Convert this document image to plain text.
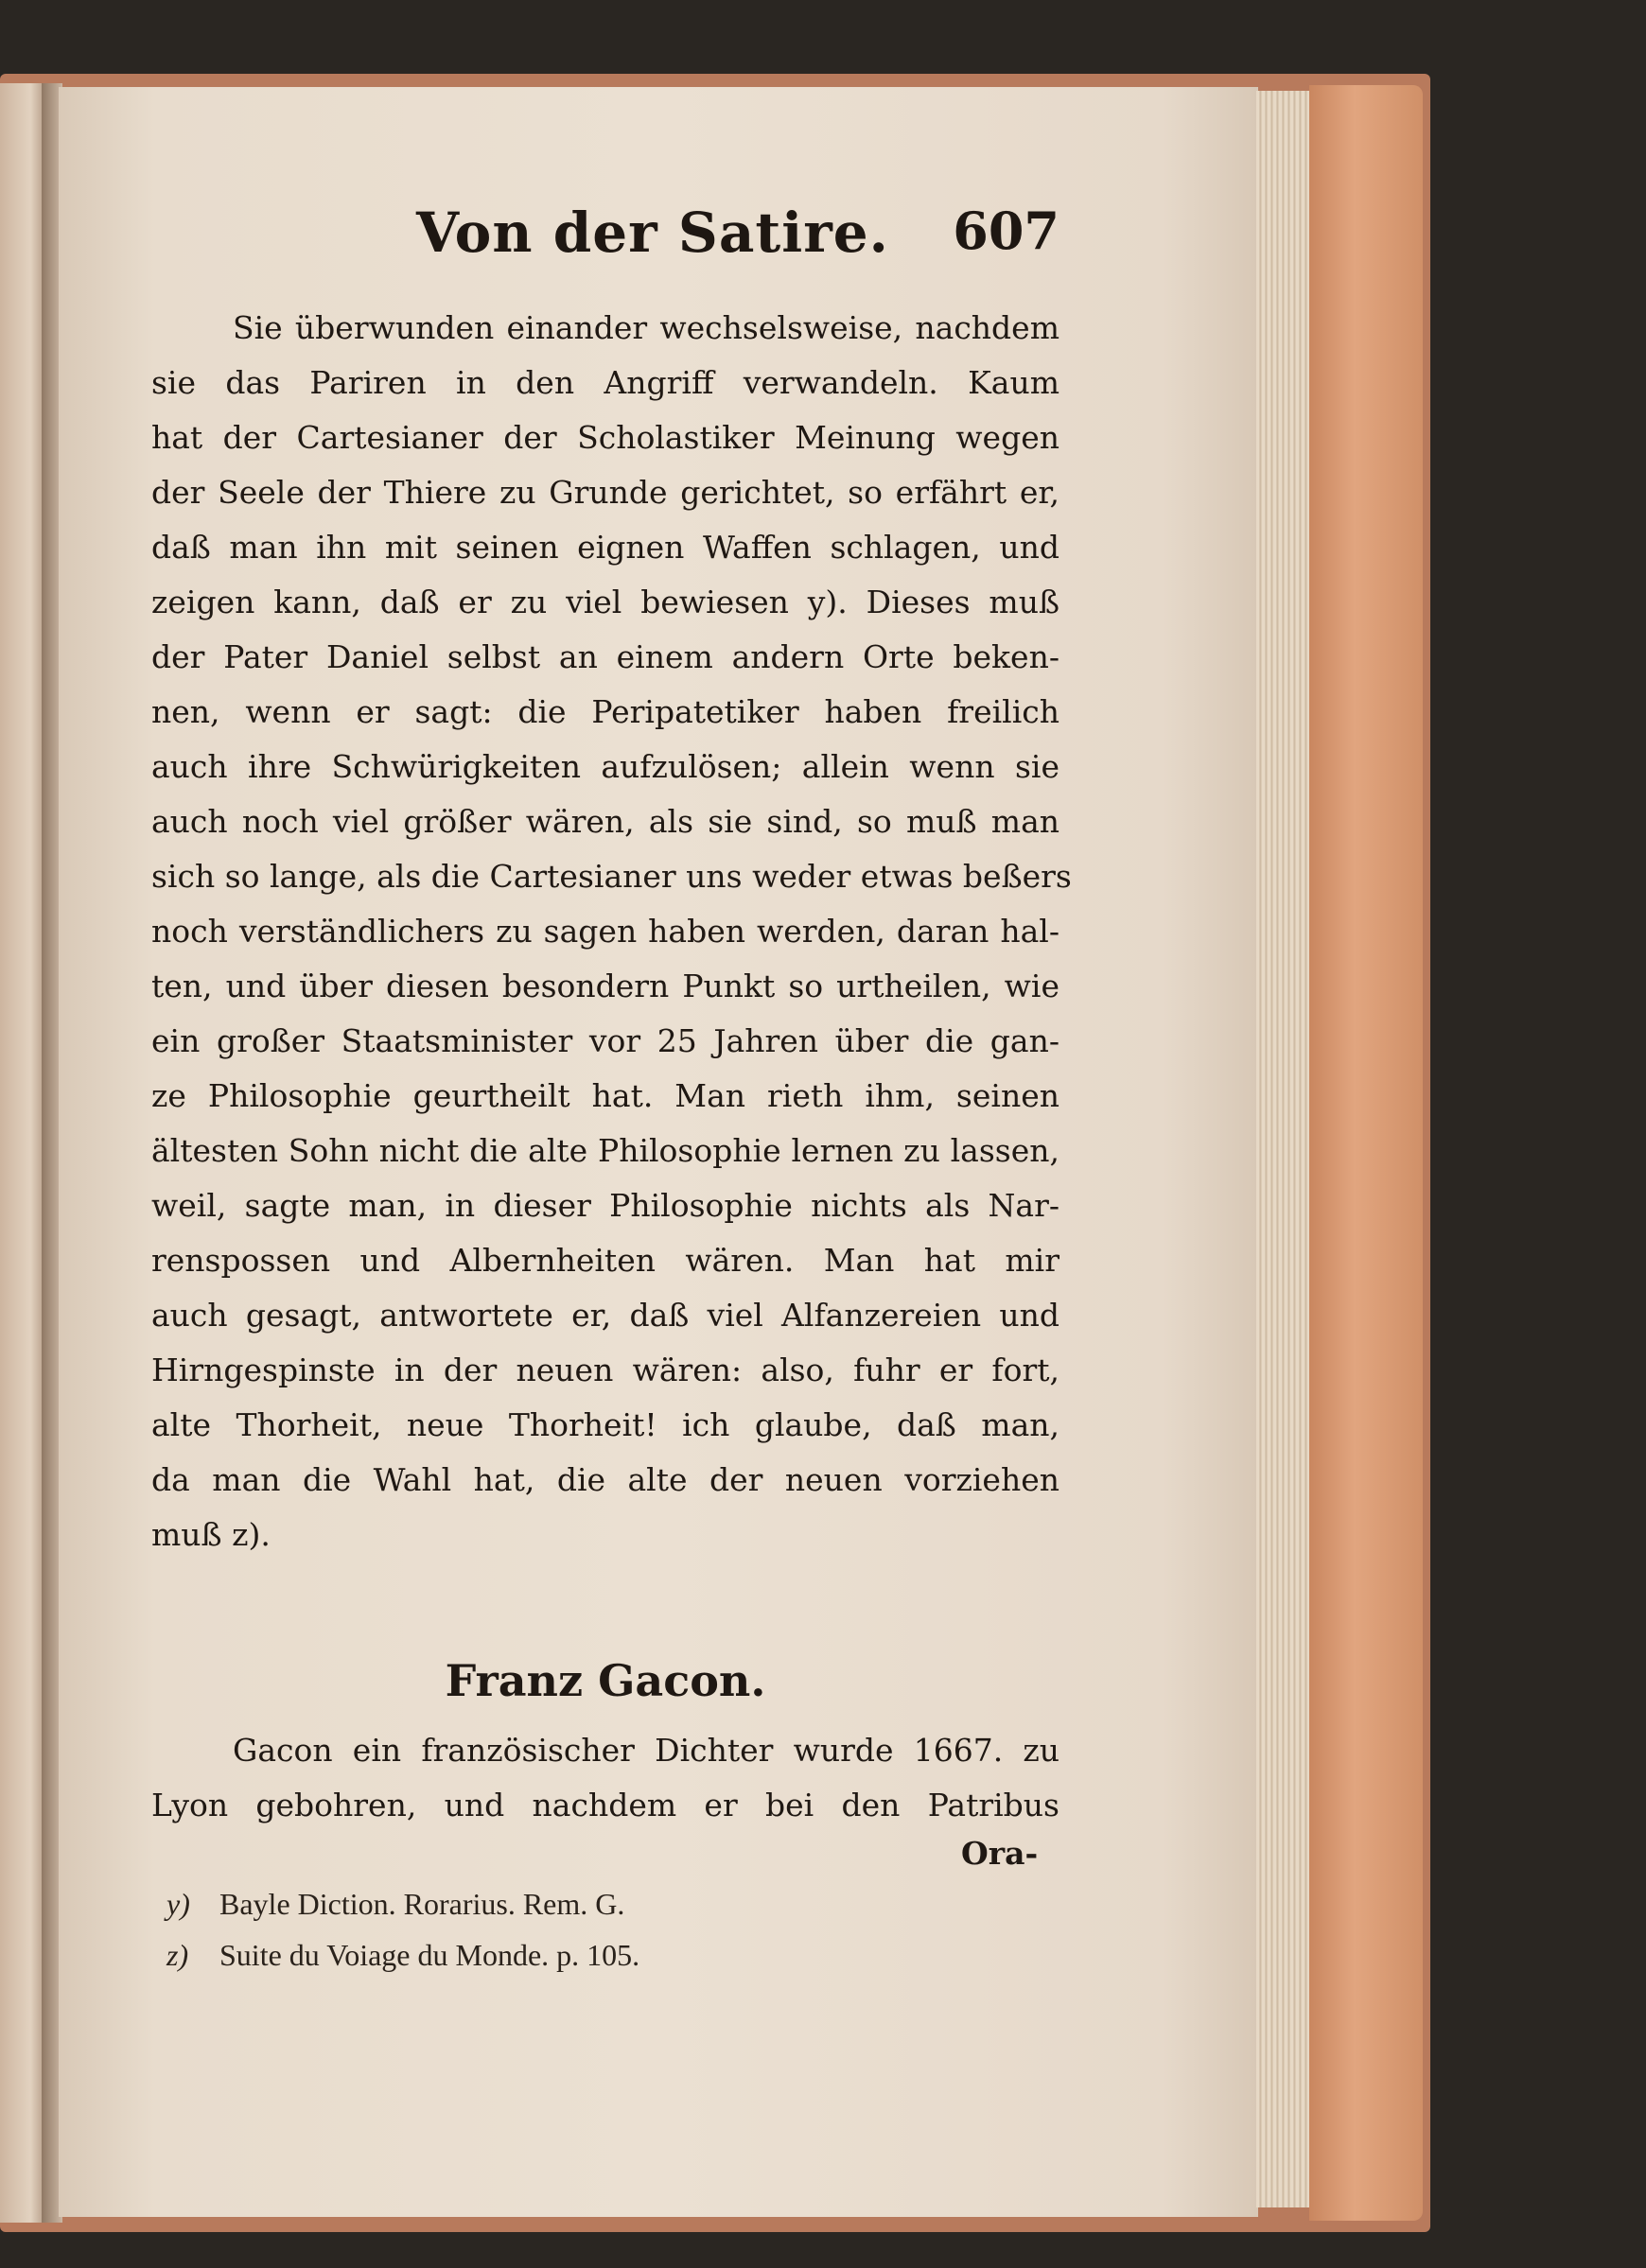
Von der Satire. 607
Sie überwunden einander wechselsweise, nachdem
sie das Pariren in den Angriff verwandeln. Kaum
hat der Cartesianer der Scholastiker Meinung wegen
der Seele der Thiere zu Grunde gerichtet, so erfährt er,
daß man ihn mit seinen eignen Waffen schlagen, und
zeigen kann, daß er zu viel bewiesen y). Dieses muß
der Pater Daniel selbst an einem andern Orte beken-
nen, wenn er sagt: die Peripatetiker haben freilich
auch ihre Schwürigkeiten aufzulösen; allein wenn sie
auch noch viel größer wären, als sie sind, so muß man
sich so lange, als die Cartesianer uns weder etwas beßers
noch verständlichers zu sagen haben werden, daran hal-
ten, und über diesen besondern Punkt so urtheilen, wie
ein großer Staatsminister vor 25 Jahren über die gan-
ze Philosophie geurtheilt hat. Man rieth ihm, seinen
ältesten Sohn nicht die alte Philosophie lernen zu lassen,
weil, sagte man, in dieser Philosophie nichts als Nar-
renspossen und Albernheiten wären. Man hat mir
auch gesagt, antwortete er, daß viel Alfanzereien und
Hirngespinste in der neuen wären: also, fuhr er fort,
alte Thorheit, neue Thorheit! ich glaube, daß man,
da man die Wahl hat, die alte der neuen vorziehen
muß z).
Franz Gacon.
Gacon ein französischer Dichter wurde 1667. zu
Lyon gebohren, und nachdem er bei den Patribus
Ora-
y) Bayle Diction. Rorarius. Rem. G.
z) Suite du Voiage du Monde. p. 105.
